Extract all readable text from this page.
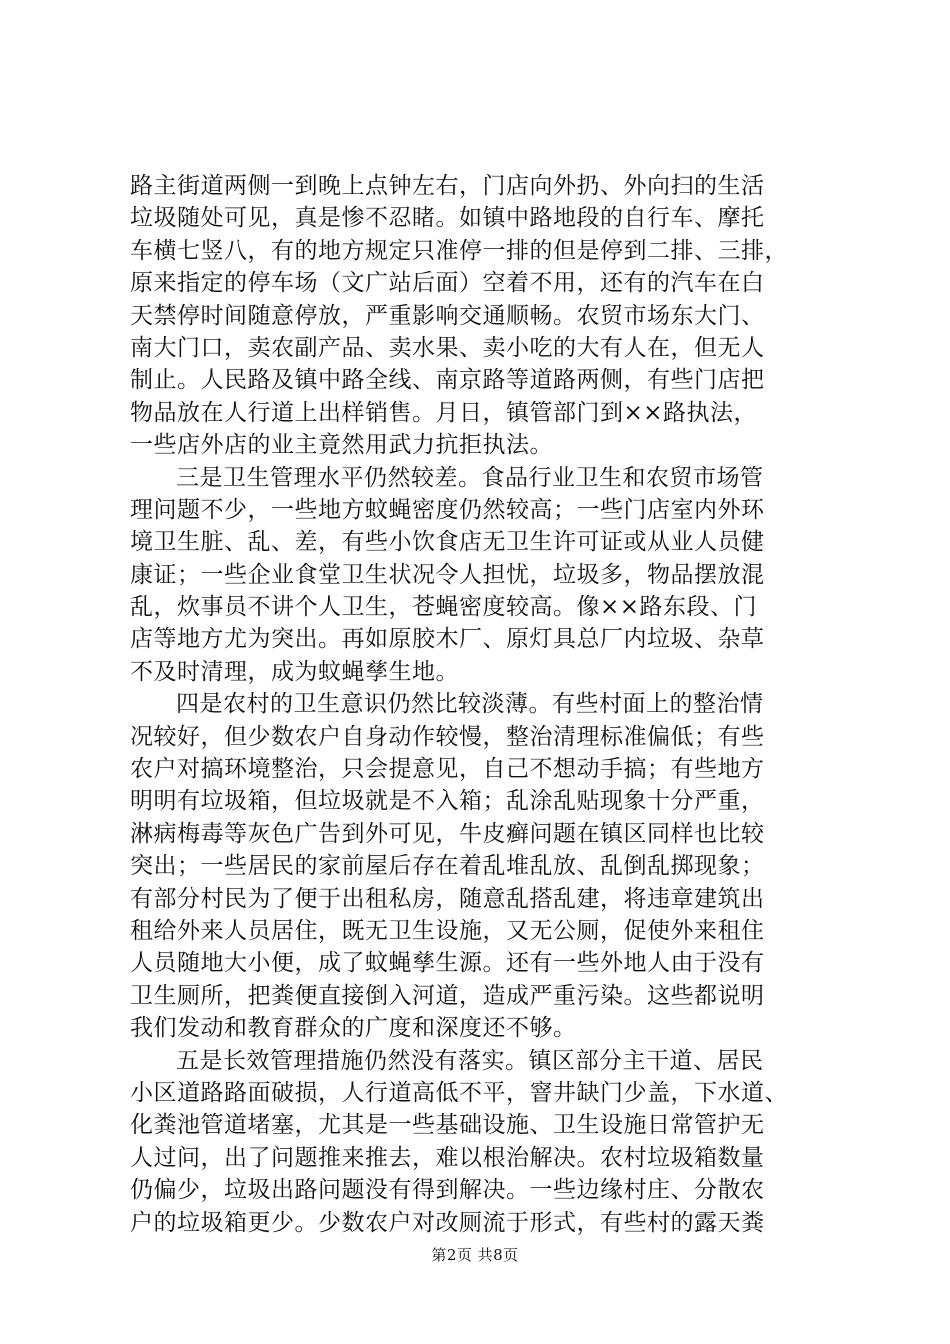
路主街道两侧一到晚上点钟左右，门店向外扔、外向扫的生活
垃圾随处可见，真是惨不忍睹。如镇中路地段的自行车、摩托
车横七竖八，有的地方规定只准停一排的但是停到二排、三排，
原来指定的停车场（文广站后面）空着不用，还有的汽车在白
天禁停时间随意停放，严重影响交通顺畅。农贸市场东大门、
南大门口，卖农副产品、卖水果、卖小吃的大有人在，但无人
制止。人民路及镇中路全线、南京路等道路两侧，有些门店把
物品放在人行道上出样销售。月日，镇管部门到××路执法，
一些店外店的业主竟然用武力抗拒执法。
三是卫生管理水平仍然较差。食品行业卫生和农贸市场管
理问题不少，一些地方蚊蝇密度仍然较高；一些门店室内外环
境卫生脏、乱、差，有些小饮食店无卫生许可证或从业人员健
康证；一些企业食堂卫生状况令人担忧，垃圾多，物品摆放混
乱，炊事员不讲个人卫生，苍蝇密度较高。像××路东段、门
店等地方尤为突出。再如原胶木厂、原灯具总厂内垃圾、杂草
不及时清理，成为蚊蝇孳生地。
四是农村的卫生意识仍然比较淡薄。有些村面上的整治情
况较好，但少数农户自身动作较慢，整治清理标准偏低；有些
农户对搞环境整治，只会提意见，自己不想动手搞；有些地方
明明有垃圾箱，但垃圾就是不入箱；乱涂乱贴现象十分严重，
淋病梅毒等灰色广告到外可见，牛皮癣问题在镇区同样也比较
突出；一些居民的家前屋后存在着乱堆乱放、乱倒乱掷现象；
有部分村民为了便于出租私房，随意乱搭乱建，将违章建筑出
租给外来人员居住，既无卫生设施，又无公厕，促使外来租住
人员随地大小便，成了蚊蝇孳生源。还有一些外地人由于没有
卫生厕所，把粪便直接倒入河道，造成严重污染。这些都说明
我们发动和教育群众的广度和深度还不够。
五是长效管理措施仍然没有落实。镇区部分主干道、居民
小区道路路面破损，人行道高低不平，窨井缺门少盖，下水道、
化粪池管道堵塞，尤其是一些基础设施、卫生设施日常管护无
人过问，出了问题推来推去，难以根治解决。农村垃圾箱数量
仍偏少，垃圾出路问题没有得到解决。一些边缘村庄、分散农
户的垃圾箱更少。少数农户对改厕流于形式，有些村的露天粪
第2页 共8页
